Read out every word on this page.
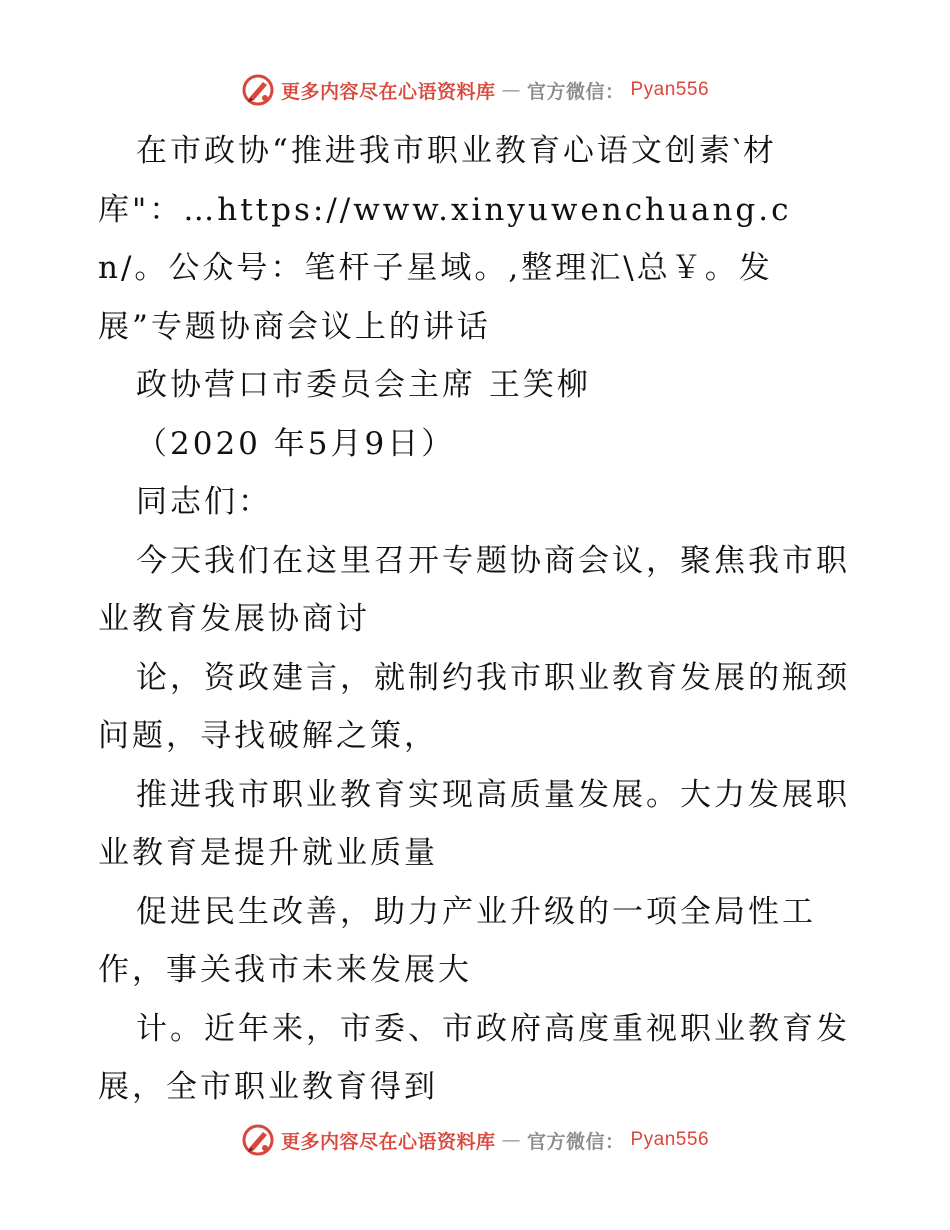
更多内容尽在心语资料库 — 官方微信： Pyan556

在市政协“推进我市职业教育心语文创素‵材库"：…https://www.xinyuwenchuang.cn/。公众号：笔杆子星域。,整理汇\总￥。发展”专题协商会议上的讲话

政协营口市委员会主席 王笑柳

（2020 年5月9日）

同志们：

今天我们在这里召开专题协商会议，聚焦我市职业教育发展协商讨

论，资政建言，就制约我市职业教育发展的瓶颈问题，寻找破解之策，

推进我市职业教育实现高质量发展。大力发展职业教育是提升就业质量

促进民生改善，助力产业升级的一项全局性工作，事关我市未来发展大

计。近年来，市委、市政府高度重视职业教育发展，全市职业教育得到

更多内容尽在心语资料库 — 官方微信： Pyan556
